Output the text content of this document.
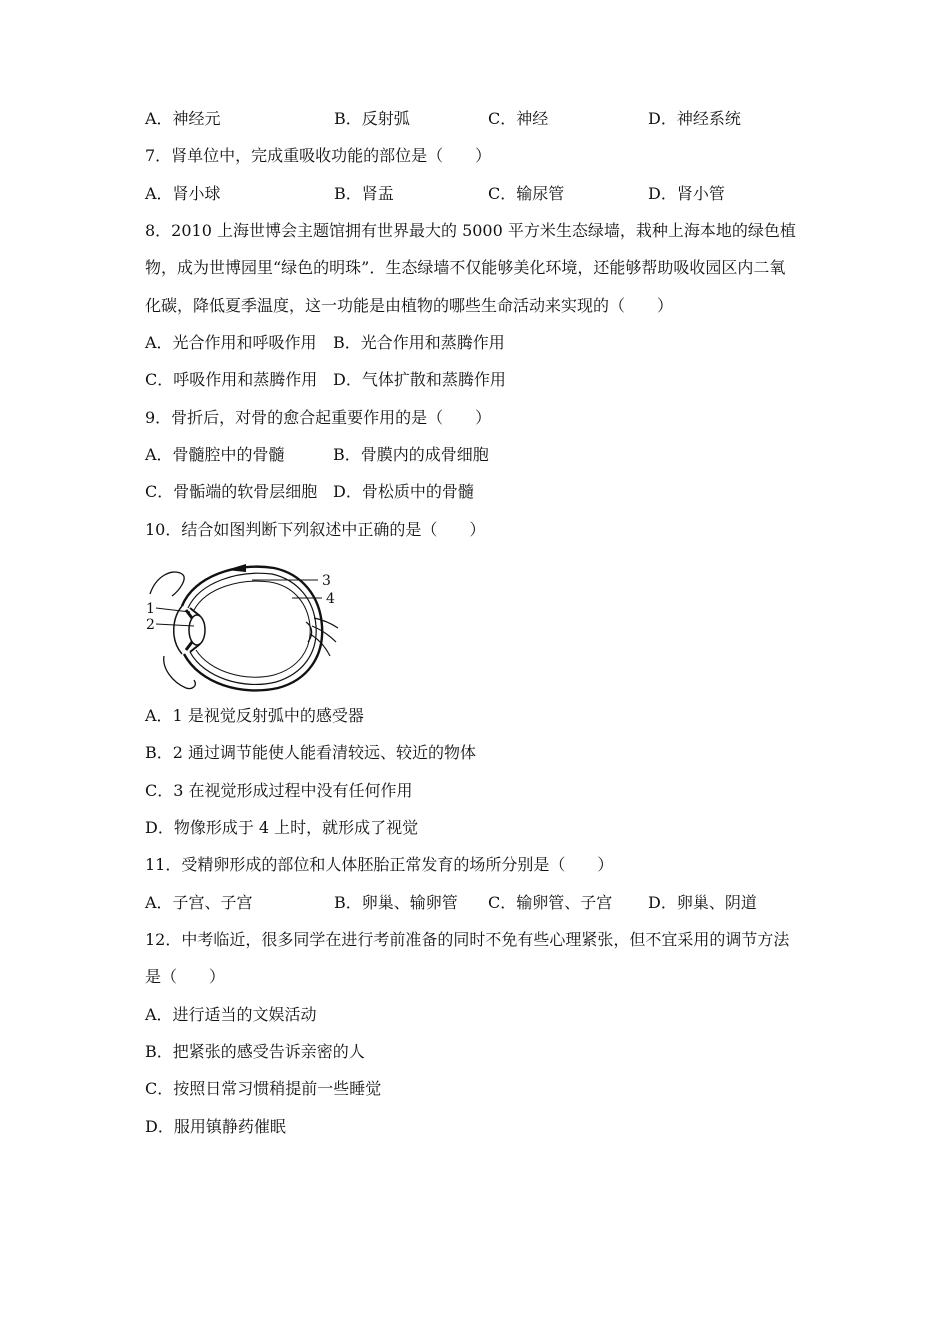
A．神经元	B．反射弧	C．神经	D．神经系统
7．肾单位中，完成重吸收功能的部位是（　　）
A．肾小球	B．肾盂	C．输尿管	D．肾小管
8．2010 上海世博会主题馆拥有世界最大的 5000 平方米生态绿墙，栽种上海本地的绿色植
物，成为世博园里“绿色的明珠”．生态绿墙不仅能够美化环境，还能够帮助吸收园区内二氧
化碳，降低夏季温度，这一功能是由植物的哪些生命活动来实现的（　　）
A．光合作用和呼吸作用 B．光合作用和蒸腾作用
C．呼吸作用和蒸腾作用 D．气体扩散和蒸腾作用
9．骨折后，对骨的愈合起重要作用的是（　　）
A．骨髓腔中的骨髓	B．骨膜内的成骨细胞
C．骨骺端的软骨层细胞 D．骨松质中的骨髓
10．结合如图判断下列叙述中正确的是（　　）
1
2
3
4
A．1 是视觉反射弧中的感受器
B．2 通过调节能使人能看清较远、较近的物体
C．3 在视觉形成过程中没有任何作用
D．物像形成于 4 上时，就形成了视觉
11．受精卵形成的部位和人体胚胎正常发育的场所分别是（　　）
A．子宫、子宫	B．卵巢、输卵管 C．输卵管、子宫 D．卵巢、阴道
12．中考临近，很多同学在进行考前准备的同时不免有些心理紧张，但不宜采用的调节方法
是（　　）
A．进行适当的文娱活动
B．把紧张的感受告诉亲密的人
C．按照日常习惯稍提前一些睡觉
D．服用镇静药催眠
